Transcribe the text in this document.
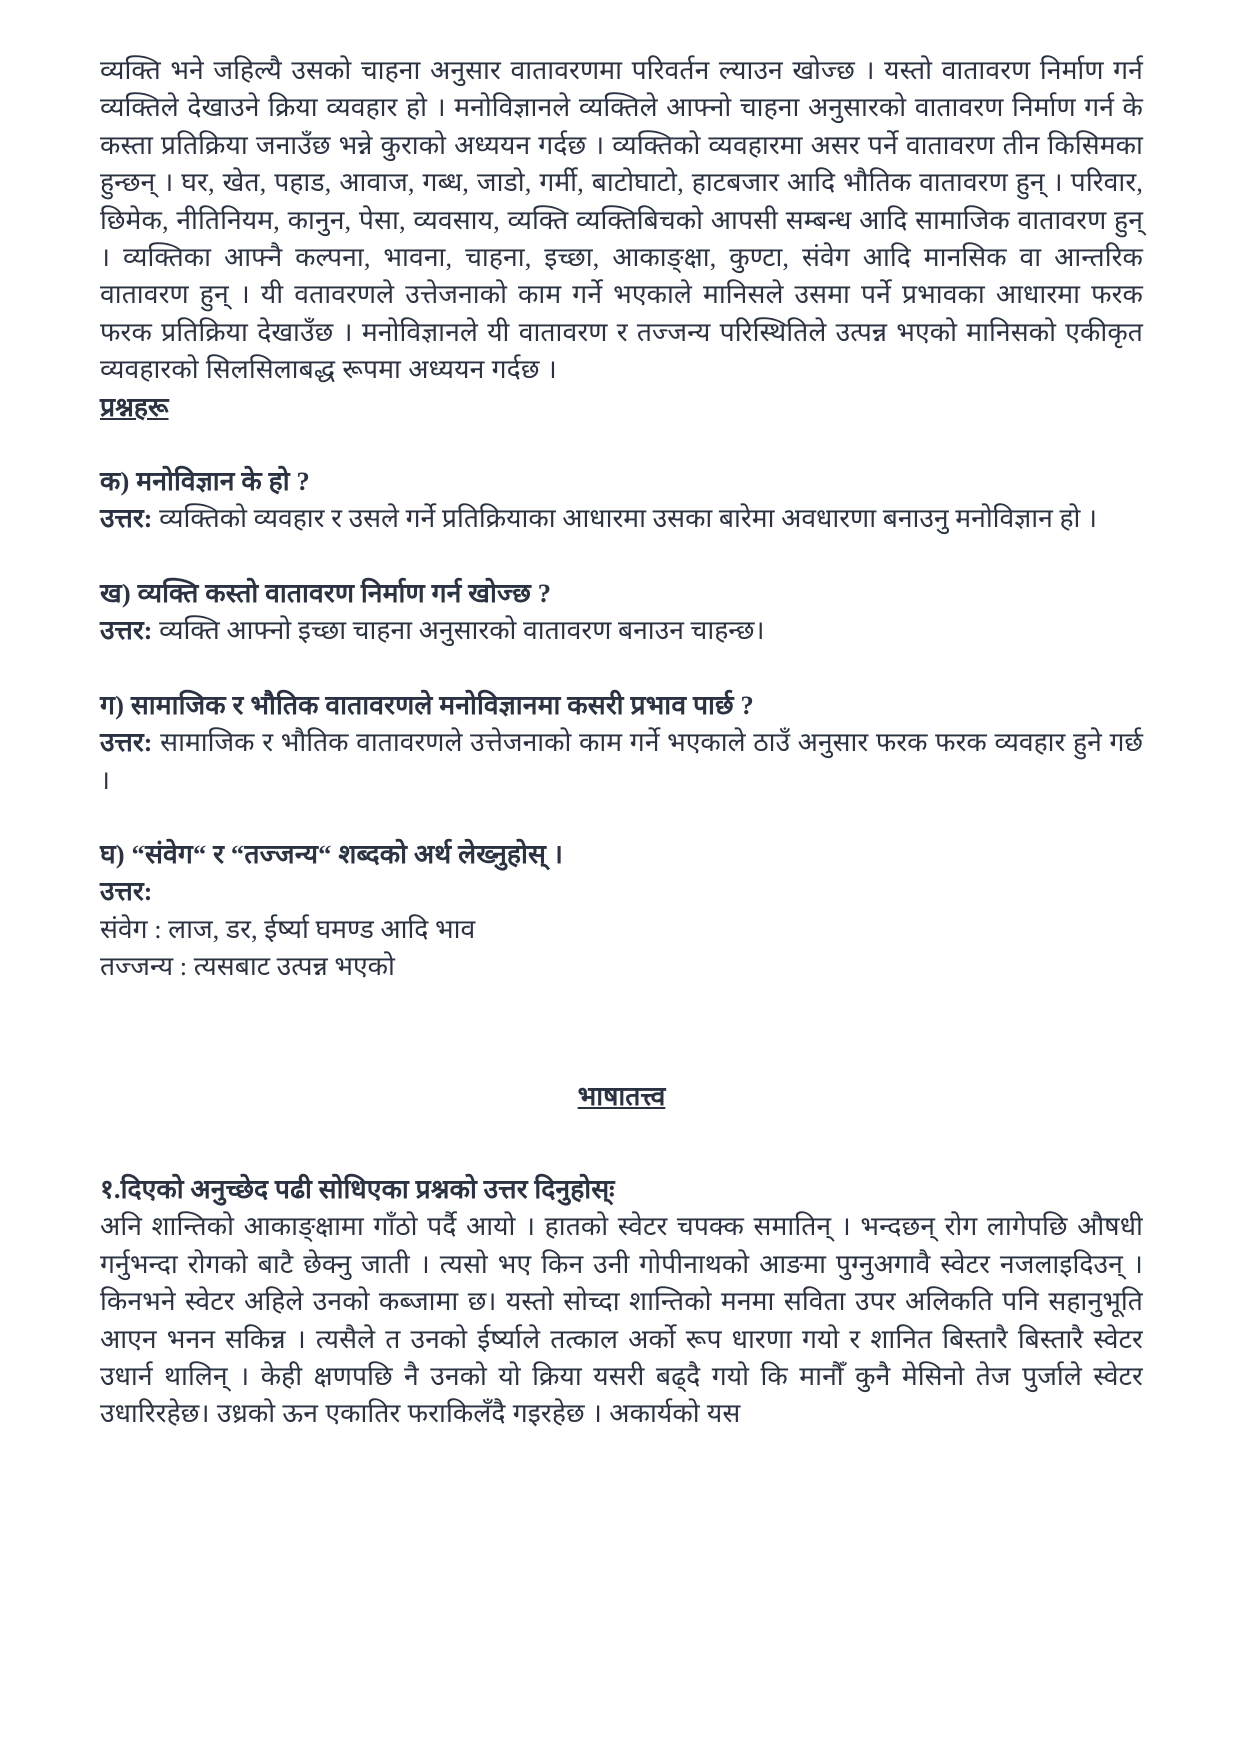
व्यक्ति भने जहिल्यै उसको चाहना अनुसार वातावरणमा परिवर्तन ल्याउन खोज्छ । यस्तो वातावरण निर्माण गर्न व्यक्तिले देखाउने क्रिया व्यवहार हो । मनोविज्ञानले व्यक्तिले आफ्नो चाहना अनुसारको वातावरण निर्माण गर्न के कस्ता प्रतिक्रिया जनाउँछ भन्ने कुराको अध्ययन गर्दछ । व्यक्तिको व्यवहारमा असर पर्ने वातावरण तीन किसिमका हुन्छन् । घर, खेत, पहाड, आवाज, गब्ध, जाडो, गर्मी, बाटोघाटो, हाटबजार आदि भौतिक वातावरण हुन् । परिवार, छिमेक, नीतिनियम, कानुन, पेसा, व्यवसाय, व्यक्ति व्यक्तिबिचको आपसी सम्बन्ध आदि सामाजिक वातावरण हुन् । व्यक्तिका आफ्नै कल्पना, भावना, चाहना, इच्छा, आकाङ्क्षा, कुण्टा, संवेग आदि मानसिक वा आन्तरिक वातावरण हुन् । यी वतावरणले उत्तेजनाको काम गर्ने भएकाले मानिसले उसमा पर्ने प्रभावका आधारमा फरक फरक प्रतिक्रिया देखाउँछ । मनोविज्ञानले यी वातावरण र तज्जन्य परिस्थितिले उत्पन्न भएको मानिसको एकीकृत व्यवहारको सिलसिलाबद्ध रूपमा अध्ययन गर्दछ ।

प्रश्नहरू

क) मनोविज्ञान के हो ?

उत्तर: व्यक्तिको व्यवहार र उसले गर्ने प्रतिक्रियाका आधारमा उसका बारेमा अवधारणा बनाउनु मनोविज्ञान हो ।

ख) व्यक्ति कस्तो वातावरण निर्माण गर्न खोज्छ ?

उत्तर: व्यक्ति आफ्नो इच्छा चाहना अनुसारको वातावरण बनाउन चाहन्छ।

ग) सामाजिक र भौतिक वातावरणले मनोविज्ञानमा कसरी प्रभाव पार्छ ?

उत्तर: सामाजिक र भौतिक वातावरणले उत्तेजनाको काम गर्ने भएकाले ठाउँ अनुसार फरक फरक व्यवहार हुने गर्छ ।

घ) “संवेग“ र “तज्जन्य“ शब्दको अर्थ लेख्नुहोस् ।

उत्तर:

संवेग : लाज, डर, ईर्ष्या घमण्ड आदि भाव

तज्जन्य : त्यसबाट उत्पन्न भएको

भाषातत्त्व

१.दिएको अनुच्छेद पढी सोधिएका प्रश्नको उत्तर दिनुहोस्ः

अनि शान्तिको आकाङ्क्षामा गाँठो पर्दै आयो । हातको स्वेटर चपक्क समातिन् । भन्दछन् रोग लागेपछि औषधी गर्नुभन्दा रोगको बाटै छेक्नु जाती । त्यसो भए किन उनी गोपीनाथको आङमा पुग्नुअगावै स्वेटर नजलाइदिउन् । किनभने स्वेटर अहिले उनको कब्जामा छ। यस्तो सोच्दा शान्तिको मनमा सविता उपर अलिकति पनि सहानुभूति आएन भनन सकिन्न । त्यसैले त उनको ईर्ष्याले तत्काल अर्को रूप धारणा गयो र शानित बिस्तारै बिस्तारै स्वेटर उधार्न थालिन् । केही क्षणपछि नै उनको यो क्रिया यसरी बढ्दै गयो कि मानौँ कुनै मेसिनो तेज पुर्जाले स्वेटर उधारिरहेछ। उध्रको ऊन एकातिर फराकिलँदै गइरहेछ । अकार्यको यस
